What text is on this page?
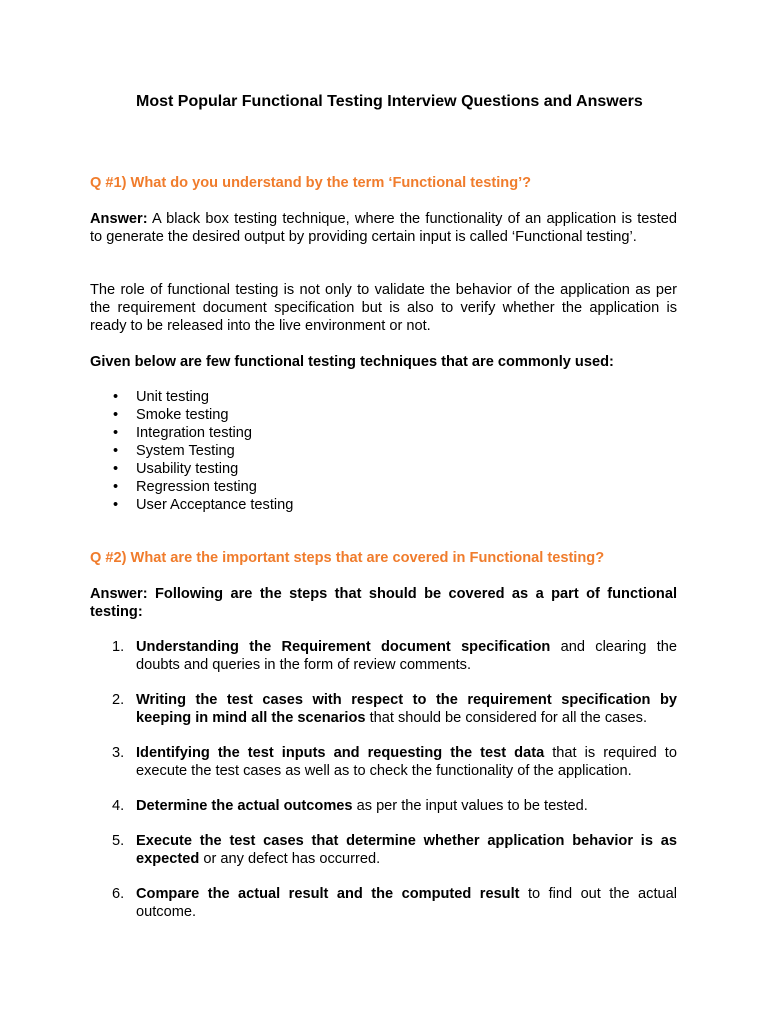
Most Popular Functional Testing Interview Questions and Answers

Q #1) What do you understand by the term ‘Functional testing’?

Answer: A black box testing technique, where the functionality of an application is tested to generate the desired output by providing certain input is called ‘Functional testing’.

The role of functional testing is not only to validate the behavior of the application as per the requirement document specification but is also to verify whether the application is ready to be released into the live environment or not.

Given below are few functional testing techniques that are commonly used:

• Unit testing
• Smoke testing
• Integration testing
• System Testing
• Usability testing
• Regression testing
• User Acceptance testing

Q #2) What are the important steps that are covered in Functional testing?

Answer: Following are the steps that should be covered as a part of functional testing:

1. Understanding the Requirement document specification and clearing the doubts and queries in the form of review comments.
2. Writing the test cases with respect to the requirement specification by keeping in mind all the scenarios that should be considered for all the cases.
3. Identifying the test inputs and requesting the test data that is required to execute the test cases as well as to check the functionality of the application.
4. Determine the actual outcomes as per the input values to be tested.
5. Execute the test cases that determine whether application behavior is as expected or any defect has occurred.
6. Compare the actual result and the computed result to find out the actual outcome.
